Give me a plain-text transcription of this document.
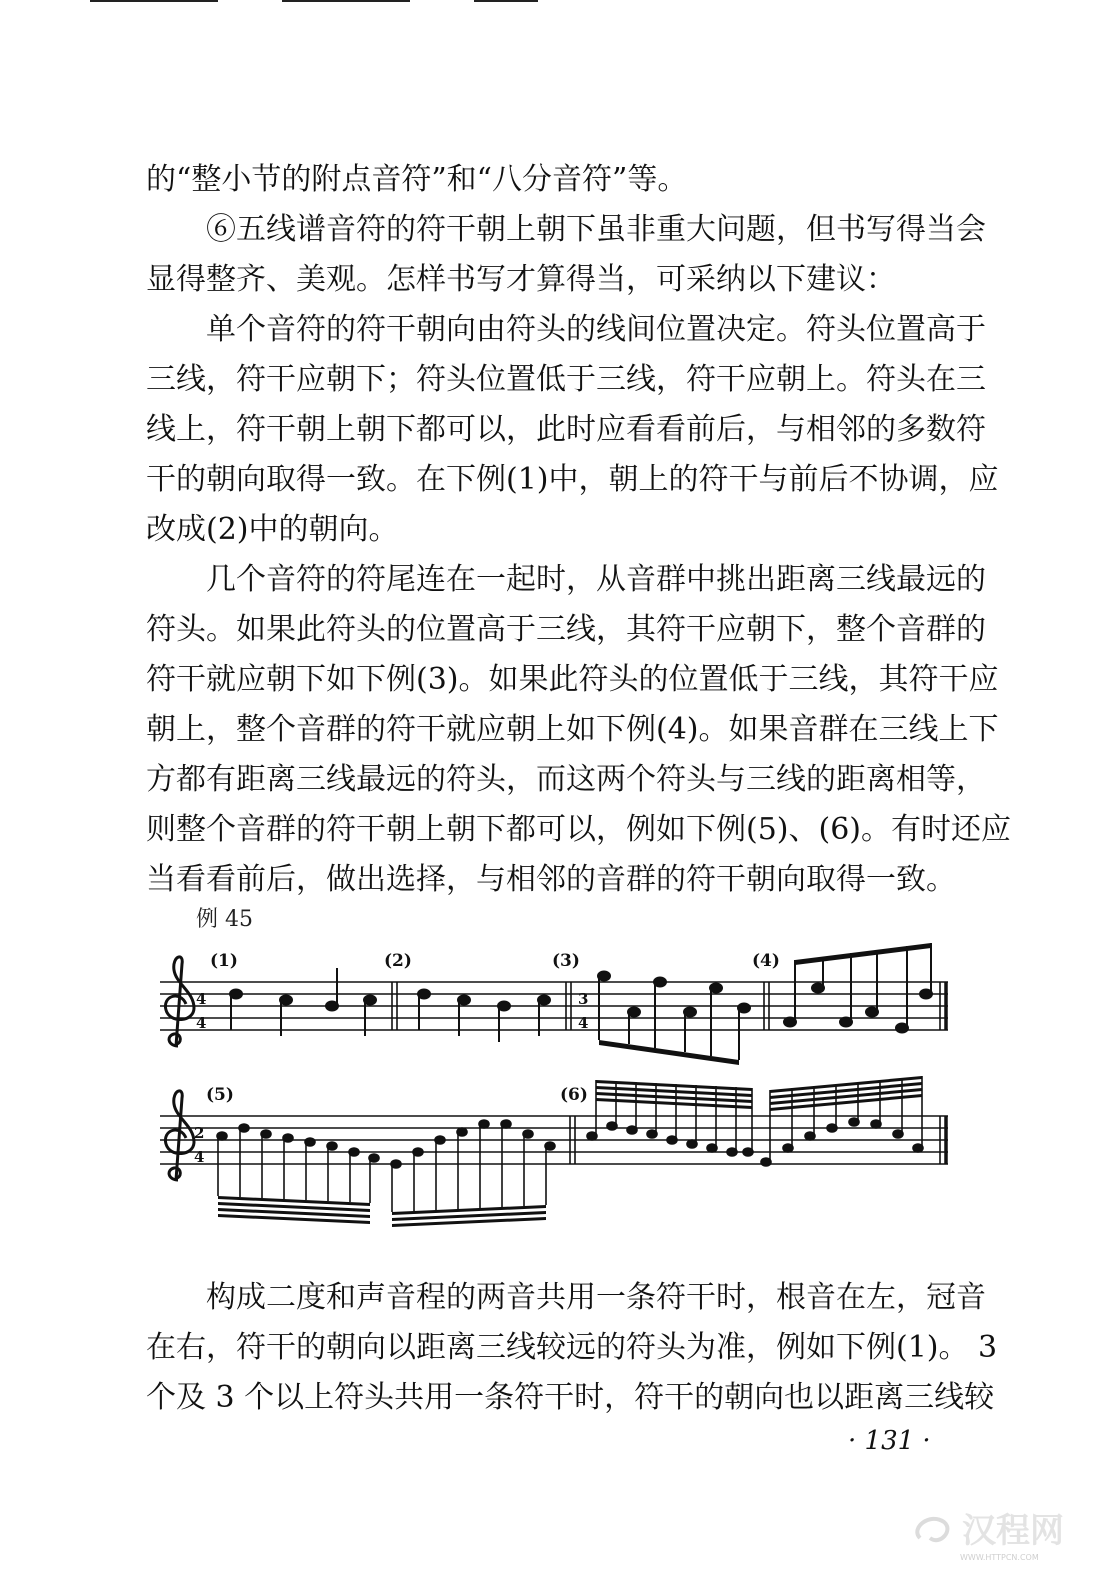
的“整小节的附点音符”和“八分音符”等。
⑥五线谱音符的符干朝上朝下虽非重大问题，但书写得当会
显得整齐、美观。怎样书写才算得当，可采纳以下建议：
单个音符的符干朝向由符头的线间位置决定。符头位置高于
三线，符干应朝下；符头位置低于三线，符干应朝上。符头在三
线上，符干朝上朝下都可以，此时应看看前后，与相邻的多数符
干的朝向取得一致。在下例(1)中，朝上的符干与前后不协调，应
改成(2)中的朝向。
几个音符的符尾连在一起时，从音群中挑出距离三线最远的
符头。如果此符头的位置高于三线，其符干应朝下，整个音群的
符干就应朝下如下例(3)。如果此符头的位置低于三线，其符干应
朝上，整个音群的符干就应朝上如下例(4)。如果音群在三线上下
方都有距离三线最远的符头，而这两个符头与三线的距离相等，
则整个音群的符干朝上朝下都可以，例如下例(5)、(6)。有时还应
当看看前后，做出选择，与相邻的音群的符干朝向取得一致。
例 45
4
4
(1)	(2)	(3)	(4)
3
4
2
4
(5)	(6)
构成二度和声音程的两音共用一条符干时，根音在左，冠音
在右，符干的朝向以距离三线较远的符头为准，例如下例(1)。 3
个及 3 个以上符头共用一条符干时，符干的朝向也以距离三线较
· 131 ·
汉程网
WWW.HTTPCN.COM
